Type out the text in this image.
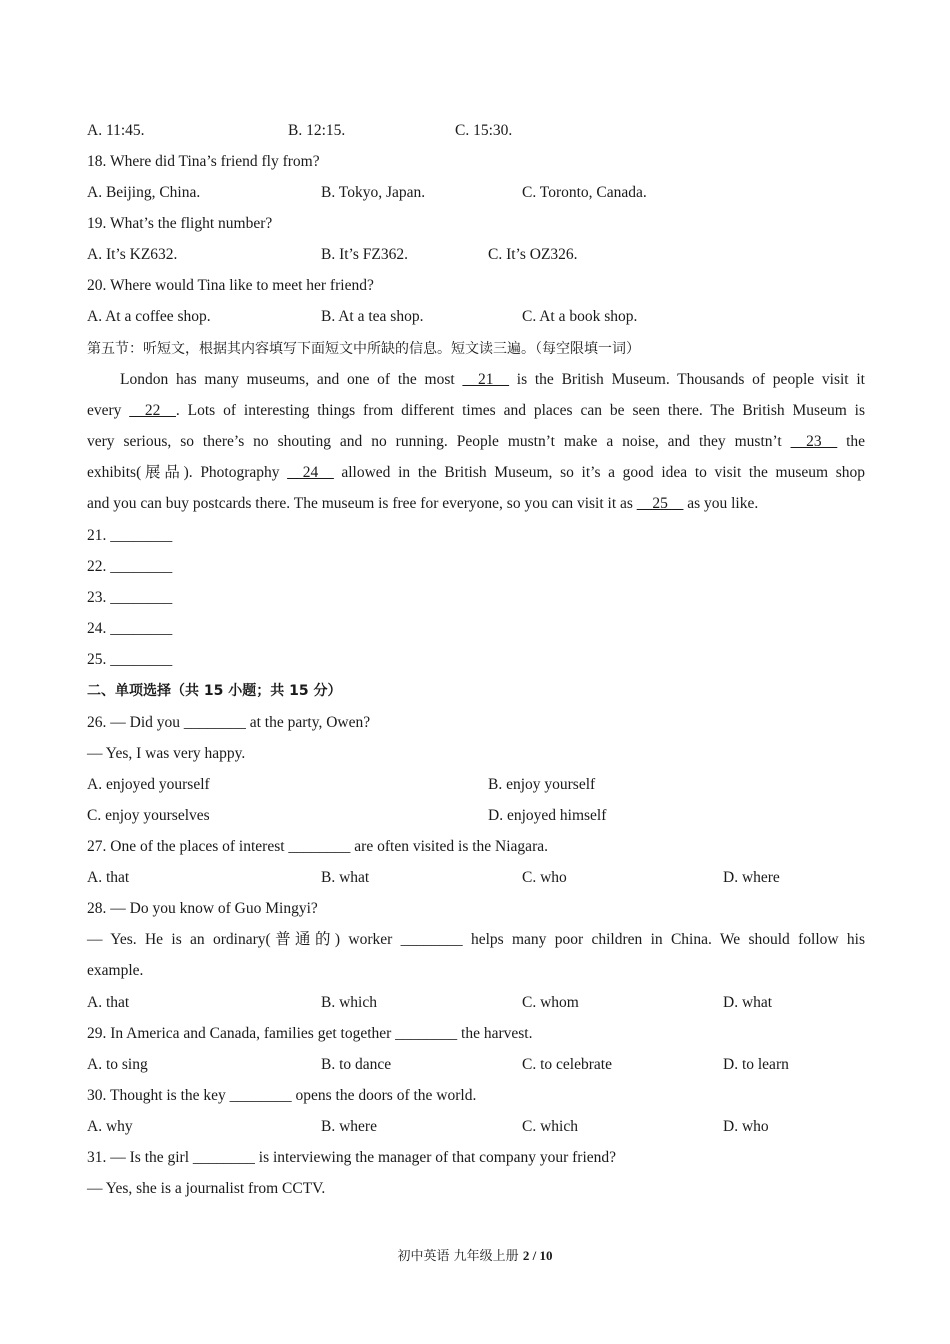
A. 11:45.	B. 12:15.	C. 15:30.
18. Where did Tina’s friend fly from?
A. Beijing, China.	B. Tokyo, Japan.	C. Toronto, Canada.
19. What’s the flight number?
A. It’s KZ632.	B. It’s FZ362.	C. It’s OZ326.
20. Where would Tina like to meet her friend?
A. At a coffee shop.	B. At a tea shop.	C. At a book shop.
第五节：听短文，根据其内容填写下面短文中所缺的信息。短文读三遍。（每空限填一词）
London has many museums, and one of the most __21__ is the British Museum. Thousands of people visit it
every __22__. Lots of interesting things from different times and places can be seen there. The British Museum is
very serious, so there’s no shouting and no running. People mustn’t make a noise, and they mustn’t __23__ the
exhibits(展品). Photography __24__ allowed in the British Museum, so it’s a good idea to visit the museum shop
and you can buy postcards there. The museum is free for everyone, so you can visit it as __25__ as you like.
21. ________
22. ________
23. ________
24. ________
25. ________
二、单项选择（共 15 小题；共 15 分）
26. — Did you ________ at the party, Owen?
— Yes, I was very happy.
A. enjoyed yourself	B. enjoy yourself
C. enjoy yourselves	D. enjoyed himself
27. One of the places of interest ________ are often visited is the Niagara.
A. that	B. what	C. who	D. where
28. — Do you know of Guo Mingyi?
— Yes. He is an ordinary(普通的) worker ________ helps many poor children in China. We should follow his
example.
A. that	B. which	C. whom	D. what
29. In America and Canada, families get together ________ the harvest.
A. to sing	B. to dance	C. to celebrate	D. to learn
30. Thought is the key ________ opens the doors of the world.
A. why	B. where	C. which	D. who
31. — Is the girl ________ is interviewing the manager of that company your friend?
— Yes, she is a journalist from CCTV.
初中英语 九年级上册 2 / 10
